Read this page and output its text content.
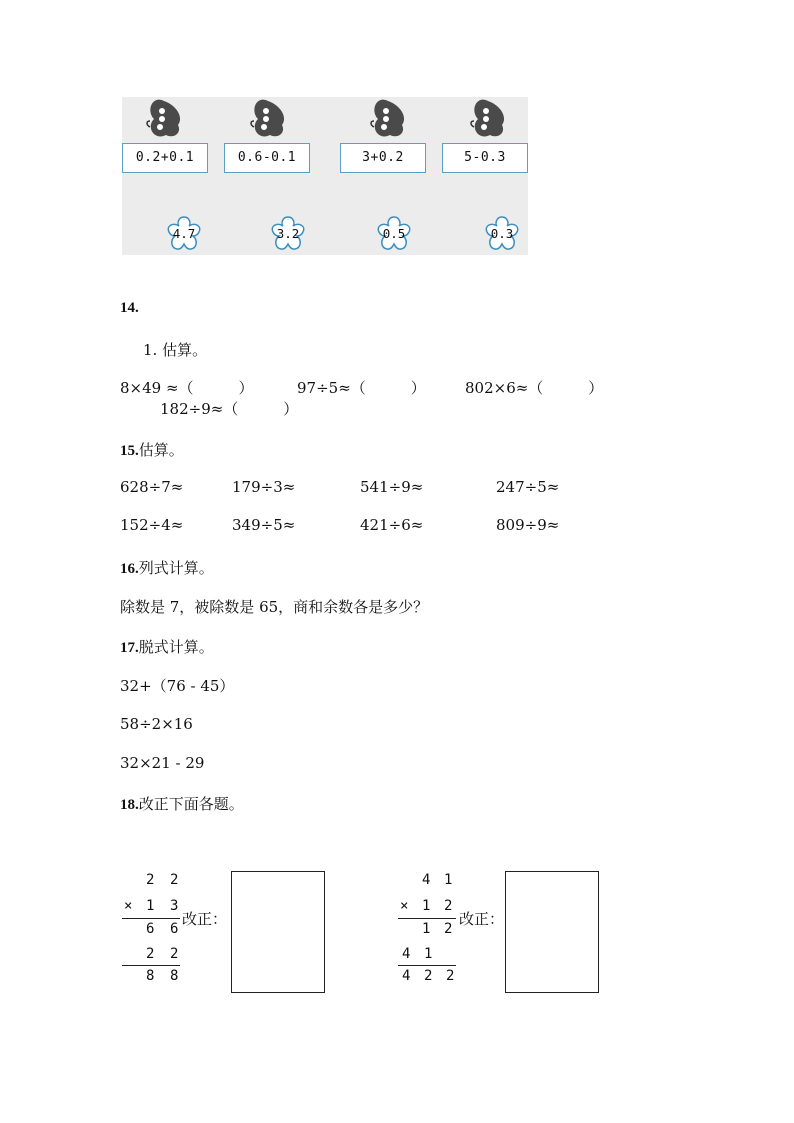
0.2+0.1	0.6-0.1	3+0.2	5-0.3
4.7	3.2	0.5	0.3
14.
1. 估算。
8×49 ≈（　　　）	97÷5≈（　　　）	802×6≈（　　　）
182÷9≈（　　　）
15.估算。
628÷7≈	179÷3≈	541÷9≈	247÷5≈
152÷4≈	349÷5≈	421÷6≈	809÷9≈
16.列式计算。
除数是 7，被除数是 65，商和余数各是多少？
17.脱式计算。
32+（76 - 45）
58÷2×16
32×21 - 29
18.改正下面各题。
2 2
× 1 3
6 6
2 2
8 8
改正：
4 1
× 1 2
1 2
4 1
4 2 2
改正：
